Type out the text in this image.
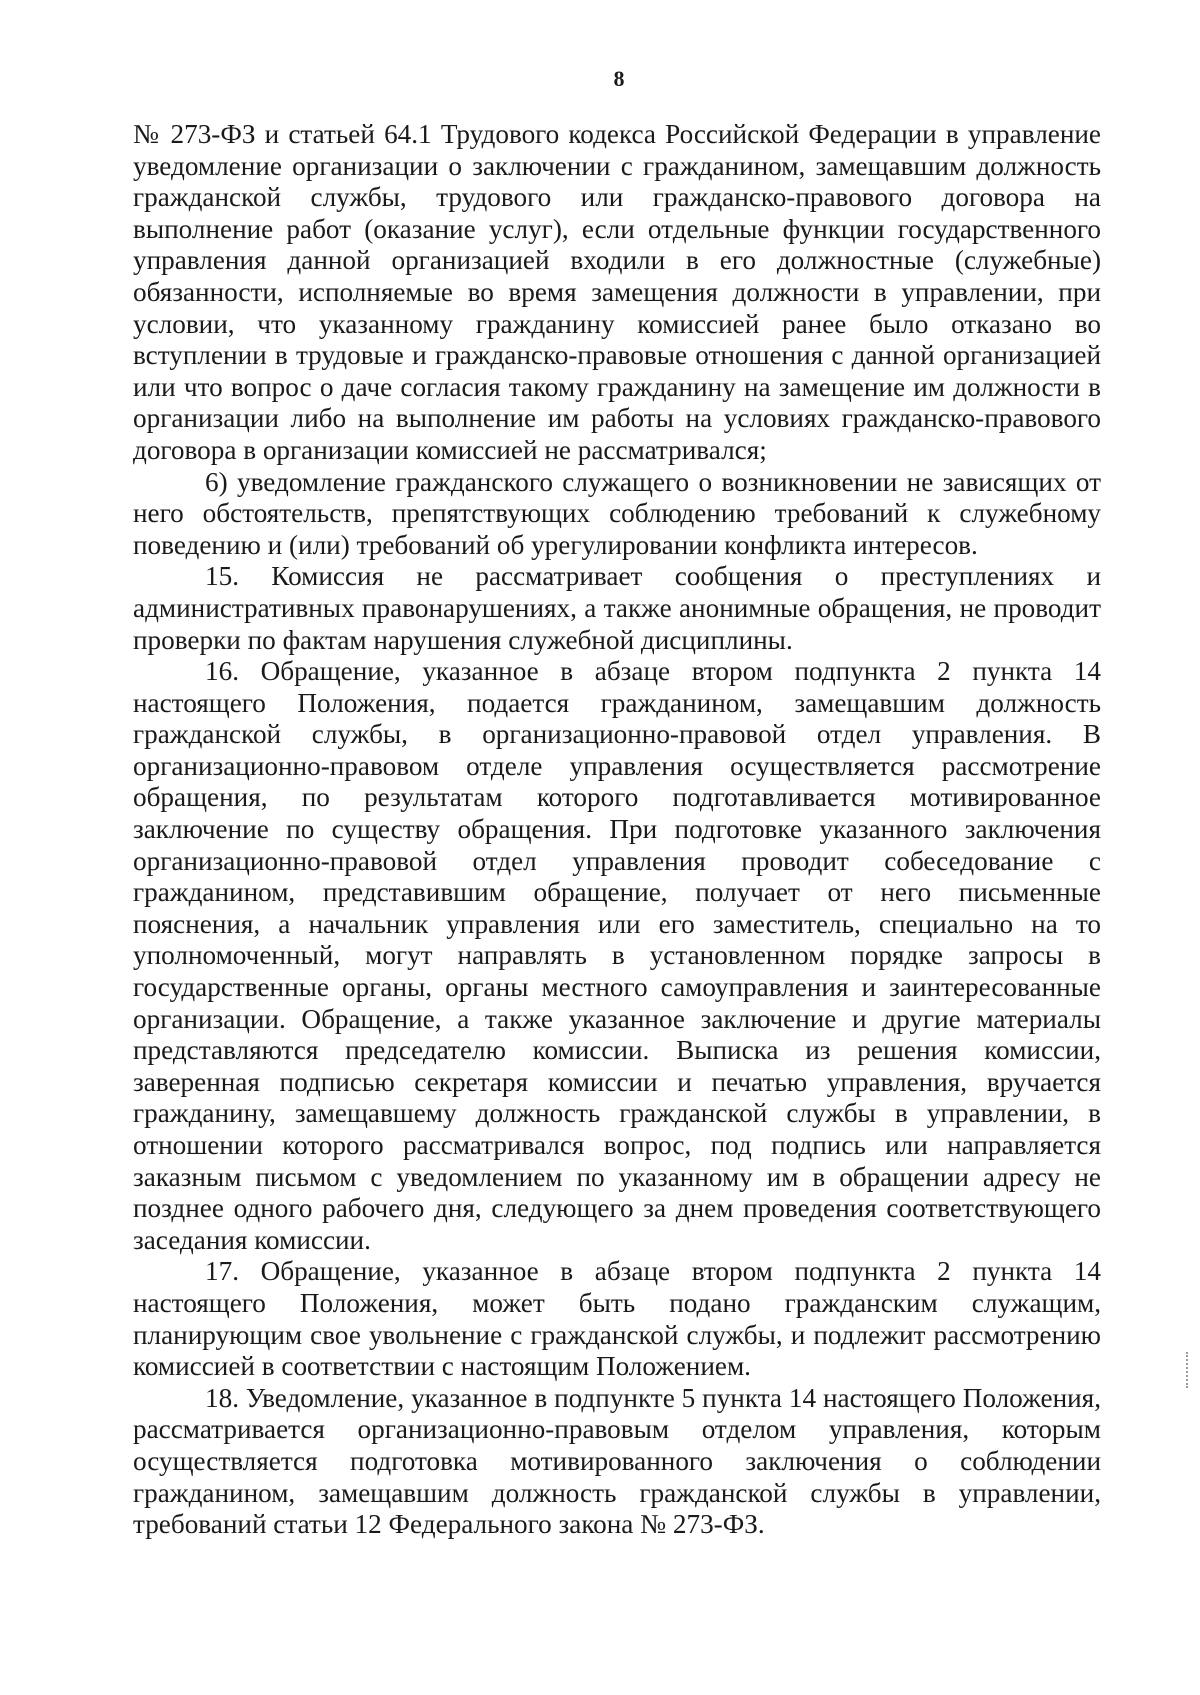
8

№ 273-ФЗ и статьей 64.1 Трудового кодекса Российской Федерации в управление уведомление организации о заключении с гражданином, замещавшим должность гражданской службы, трудового или гражданско-правового договора на выполнение работ (оказание услуг), если отдельные функции государственного управления данной организацией входили в его должностные (служебные) обязанности, исполняемые во время замещения должности в управлении, при условии, что указанному гражданину комиссией ранее было отказано во вступлении в трудовые и гражданско-правовые отношения с данной организацией или что вопрос о даче согласия такому гражданину на замещение им должности в организации либо на выполнение им работы на условиях гражданско-правового договора в организации комиссией не рассматривался;

6) уведомление гражданского служащего о возникновении не зависящих от него обстоятельств, препятствующих соблюдению требований к служебному поведению и (или) требований об урегулировании конфликта интересов.

15. Комиссия не рассматривает сообщения о преступлениях и административных правонарушениях, а также анонимные обращения, не проводит проверки по фактам нарушения служебной дисциплины.

16. Обращение, указанное в абзаце втором подпункта 2 пункта 14 настоящего Положения, подается гражданином, замещавшим должность гражданской службы, в организационно-правовой отдел управления. В организационно-правовом отделе управления осуществляется рассмотрение обращения, по результатам которого подготавливается мотивированное заключение по существу обращения. При подготовке указанного заключения организационно-правовой отдел управления проводит собеседование с гражданином, представившим обращение, получает от него письменные пояснения, а начальник управления или его заместитель, специально на то уполномоченный, могут направлять в установленном порядке запросы в государственные органы, органы местного самоуправления и заинтересованные организации. Обращение, а также указанное заключение и другие материалы представляются председателю комиссии. Выписка из решения комиссии, заверенная подписью секретаря комиссии и печатью управления, вручается гражданину, замещавшему должность гражданской службы в управлении, в отношении которого рассматривался вопрос, под подпись или направляется заказным письмом с уведомлением по указанному им в обращении адресу не позднее одного рабочего дня, следующего за днем проведения соответствующего заседания комиссии.

17. Обращение, указанное в абзаце втором подпункта 2 пункта 14 настоящего Положения, может быть подано гражданским служащим, планирующим свое увольнение с гражданской службы, и подлежит рассмотрению комиссией в соответствии с настоящим Положением.

18. Уведомление, указанное в подпункте 5 пункта 14 настоящего Положения, рассматривается организационно-правовым отделом управления, которым осуществляется подготовка мотивированного заключения о соблюдении гражданином, замещавшим должность гражданской службы в управлении, требований статьи 12 Федерального закона № 273-ФЗ.
